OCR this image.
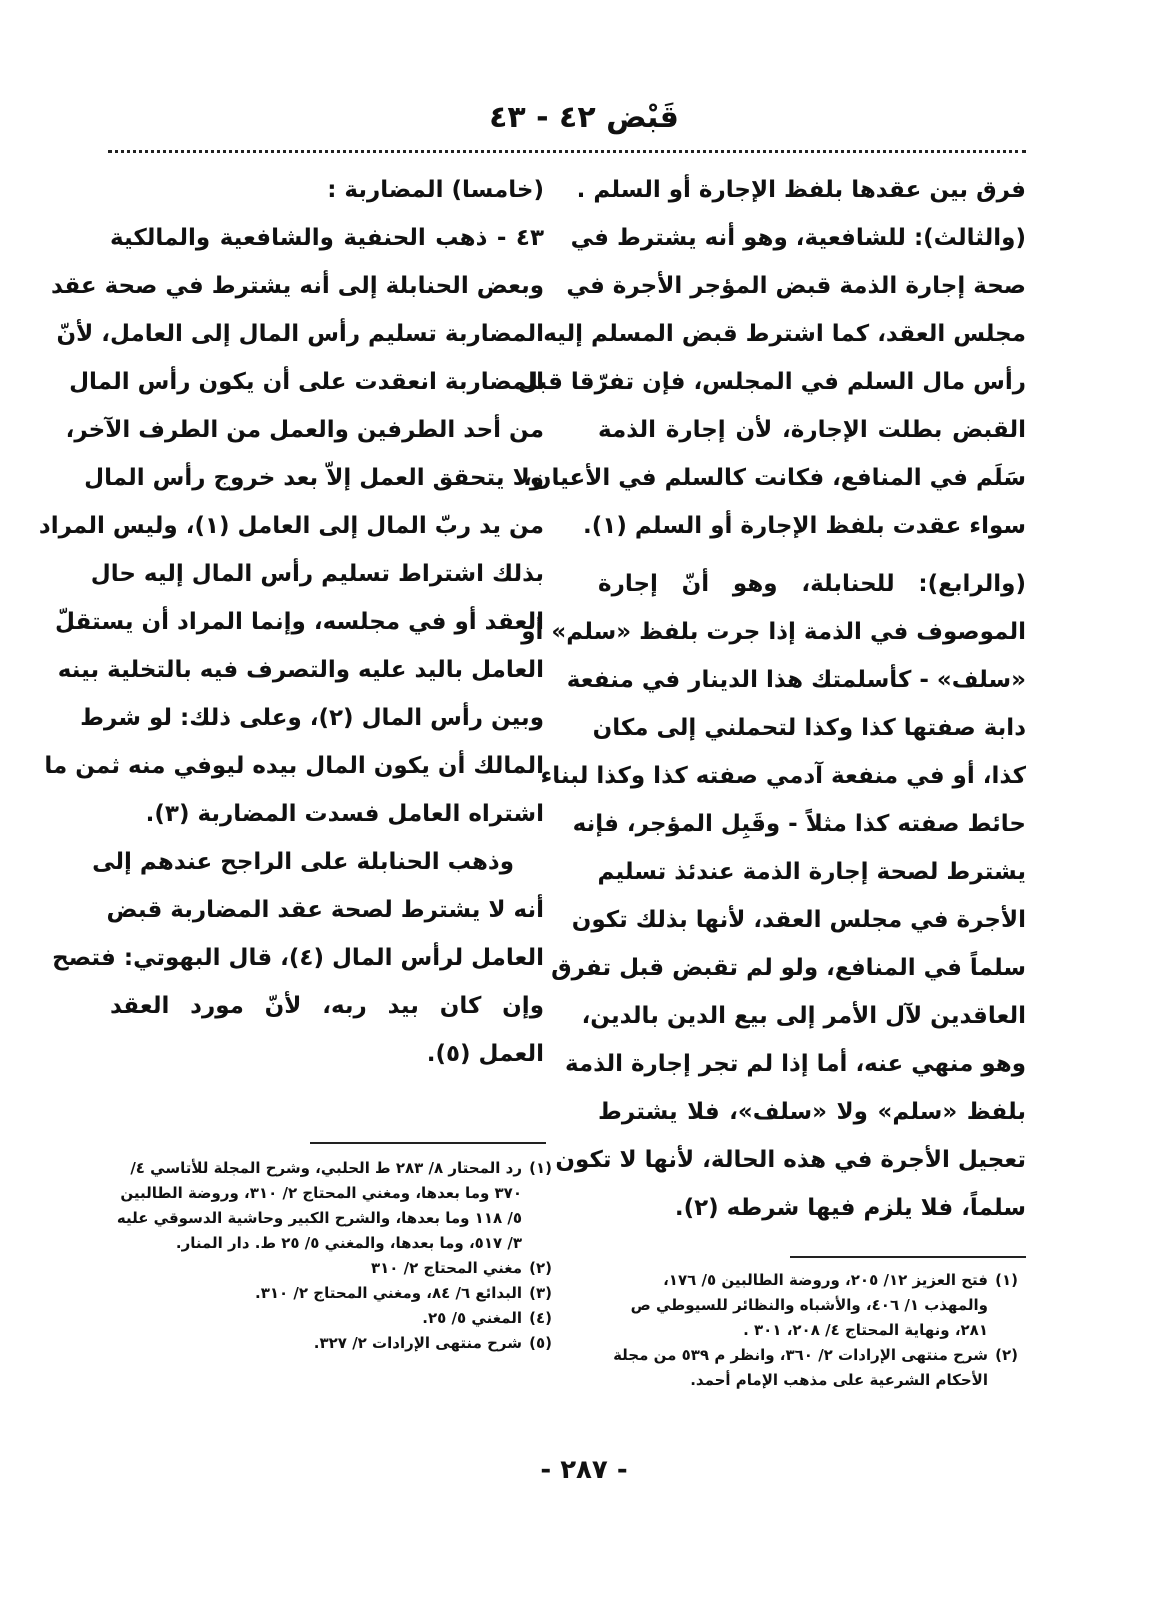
قَبْض ٤٢ - ٤٣
فرق بين عقدها بلفظ الإجارة أو السلم .
(والثالث): للشافعية، وهو أنه يشترط في
صحة إجارة الذمة قبض المؤجر الأجرة في
مجلس العقد، كما اشترط قبض المسلم إليه
رأس مال السلم في المجلس، فإن تفرّقا قبل
القبض بطلت الإجارة، لأن إجارة الذمة
سَلَم في المنافع، فكانت كالسلم في الأعيان،
سواء عقدت بلفظ الإجارة أو السلم (١).
(والرابع): للحنابلة، وهو أنّ إجارة
الموصوف في الذمة إذا جرت بلفظ «سلم» أو
«سلف» - كأسلمتك هذا الدينار في منفعة
دابة صفتها كذا وكذا لتحملني إلى مكان
كذا، أو في منفعة آدمي صفته كذا وكذا لبناء
حائط صفته كذا مثلاً - وقَبِل المؤجر، فإنه
يشترط لصحة إجارة الذمة عندئذ تسليم
الأجرة في مجلس العقد، لأنها بذلك تكون
سلماً في المنافع، ولو لم تقبض قبل تفرق
العاقدين لآل الأمر إلى بيع الدين بالدين،
وهو منهي عنه، أما إذا لم تجر إجارة الذمة
بلفظ «سلم» ولا «سلف»، فلا يشترط
تعجيل الأجرة في هذه الحالة، لأنها لا تكون
سلماً، فلا يلزم فيها شرطه (٢).
(خامسا) المضاربة :
٤٣ - ذهب الحنفية والشافعية والمالكية
وبعض الحنابلة إلى أنه يشترط في صحة عقد
المضاربة تسليم رأس المال إلى العامل، لأنّ
المضاربة انعقدت على أن يكون رأس المال
من أحد الطرفين والعمل من الطرف الآخر،
ولا يتحقق العمل إلاّ بعد خروج رأس المال
من يد ربّ المال إلى العامل (١)، وليس المراد
بذلك اشتراط تسليم رأس المال إليه حال
العقد أو في مجلسه، وإنما المراد أن يستقلّ
العامل باليد عليه والتصرف فيه بالتخلية بينه
وبين رأس المال (٢)، وعلى ذلك: لو شرط
المالك أن يكون المال بيده ليوفي منه ثمن ما
اشتراه العامل فسدت المضاربة (٣).
وذهب الحنابلة على الراجح عندهم إلى
أنه لا يشترط لصحة عقد المضاربة قبض
العامل لرأس المال (٤)، قال البهوتي: فتصح
وإن كان بيد ربه، لأنّ مورد العقد
العمل (٥).
(١)
فتح العزيز ١٢/ ٢٠٥، وروضة الطالبين ٥/ ١٧٦، والمهذب ١/ ٤٠٦، والأشباه والنظائر للسيوطي ص ٢٨١، ونهاية المحتاج ٤/ ٢٠٨، ٣٠١ .
(٢)
شرح منتهى الإرادات ٢/ ٣٦٠، وانظر م ٥٣٩ من مجلة الأحكام الشرعية على مذهب الإمام أحمد.
(١)
رد المحتار ٨/ ٢٨٣ ط الحلبي، وشرح المجلة للأتاسي ٤/ ٣٧٠ وما بعدها، ومغني المحتاج ٢/ ٣١٠، وروضة الطالبين ٥/ ١١٨ وما بعدها، والشرح الكبير وحاشية الدسوقي عليه ٣/ ٥١٧، وما بعدها، والمغني ٥/ ٢٥ ط. دار المنار.
(٢)
مغني المحتاج ٢/ ٣١٠
(٣)
البدائع ٦/ ٨٤، ومغني المحتاج ٢/ ٣١٠.
(٤)
المغني ٥/ ٢٥.
(٥)
شرح منتهى الإرادات ٢/ ٣٢٧.
- ٢٨٧ -
